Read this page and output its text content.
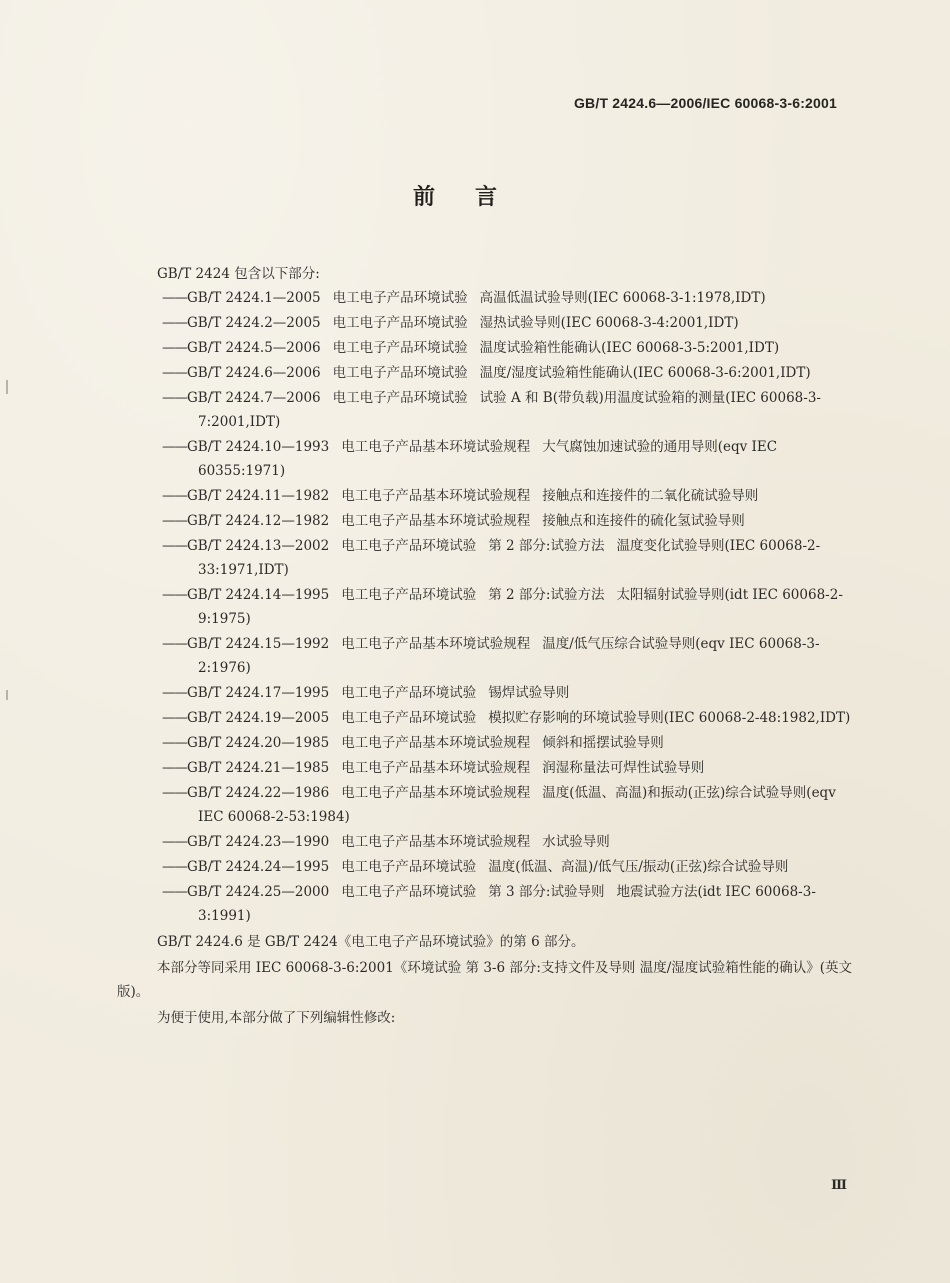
GB/T 2424.6—2006/IEC 60068-3-6:2001
前言

GB/T 2424 包含以下部分:

——GB/T 2424.1—2005 电工电子产品环境试验 高温低温试验导则(IEC 60068-3-1:1978,IDT)

——GB/T 2424.2—2005 电工电子产品环境试验 湿热试验导则(IEC 60068-3-4:2001,IDT)

——GB/T 2424.5—2006 电工电子产品环境试验 温度试验箱性能确认(IEC 60068-3-5:2001,IDT)

——GB/T 2424.6—2006 电工电子产品环境试验 温度/湿度试验箱性能确认(IEC 60068-3-6:2001,IDT)

——GB/T 2424.7—2006 电工电子产品环境试验 试验 A 和 B(带负载)用温度试验箱的测量(IEC 60068-3-7:2001,IDT)

——GB/T 2424.10—1993 电工电子产品基本环境试验规程 大气腐蚀加速试验的通用导则(eqv IEC 60355:1971)

——GB/T 2424.11—1982 电工电子产品基本环境试验规程 接触点和连接件的二氧化硫试验导则

——GB/T 2424.12—1982 电工电子产品基本环境试验规程 接触点和连接件的硫化氢试验导则

——GB/T 2424.13—2002 电工电子产品环境试验 第 2 部分:试验方法 温度变化试验导则(IEC 60068-2-33:1971,IDT)

——GB/T 2424.14—1995 电工电子产品环境试验 第 2 部分:试验方法 太阳辐射试验导则(idt IEC 60068-2-9:1975)

——GB/T 2424.15—1992 电工电子产品基本环境试验规程 温度/低气压综合试验导则(eqv IEC 60068-3-2:1976)

——GB/T 2424.17—1995 电工电子产品环境试验 锡焊试验导则

——GB/T 2424.19—2005 电工电子产品环境试验 模拟贮存影响的环境试验导则(IEC 60068-2-48:1982,IDT)

——GB/T 2424.20—1985 电工电子产品基本环境试验规程 倾斜和摇摆试验导则

——GB/T 2424.21—1985 电工电子产品基本环境试验规程 润湿称量法可焊性试验导则

——GB/T 2424.22—1986 电工电子产品基本环境试验规程 温度(低温、高温)和振动(正弦)综合试验导则(eqv IEC 60068-2-53:1984)

——GB/T 2424.23—1990 电工电子产品基本环境试验规程 水试验导则

——GB/T 2424.24—1995 电工电子产品环境试验 温度(低温、高温)/低气压/振动(正弦)综合试验导则

——GB/T 2424.25—2000 电工电子产品环境试验 第 3 部分:试验导则 地震试验方法(idt IEC 60068-3-3:1991)

GB/T 2424.6 是 GB/T 2424《电工电子产品环境试验》的第 6 部分。

本部分等同采用 IEC 60068-3-6:2001《环境试验 第 3-6 部分:支持文件及导则 温度/湿度试验箱性能的确认》(英文版)。

为便于使用,本部分做了下列编辑性修改:

Ⅲ
